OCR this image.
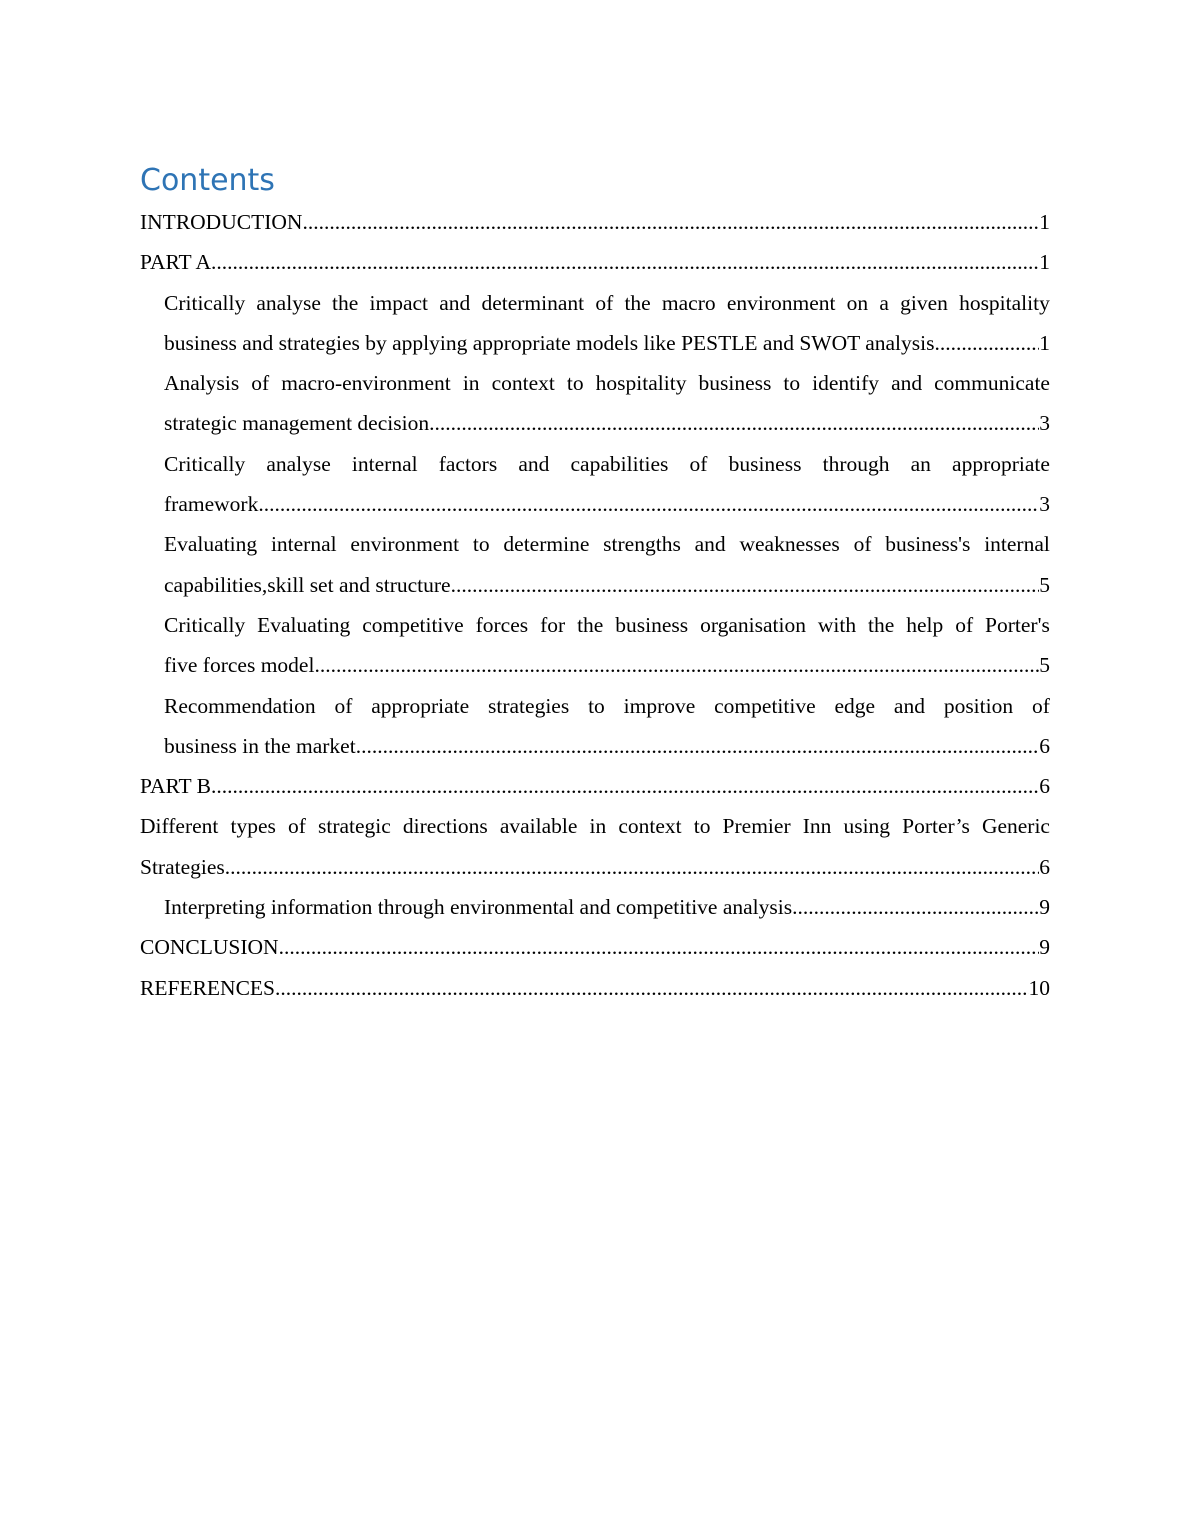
Contents
INTRODUCTION .....	1
PART A .....	1
Critically analyse the impact and determinant of the macro environment on a given hospitality
business and strategies by applying appropriate models like PESTLE and SWOT analysis. .....	1
Analysis of macro-environment in context to hospitality business to identify and communicate
strategic management decision .....	3
Critically analyse internal factors and capabilities of business through an appropriate
framework .....	3
Evaluating internal environment to determine strengths and weaknesses of business's internal
capabilities,skill set and structure .....	5
Critically Evaluating competitive forces for the business organisation with the help of Porter's
five forces model .....	5
Recommendation of appropriate strategies to improve competitive edge and position of
business in the market .....	6
PART B .....	6
Different types of strategic directions available in context to Premier Inn using Porter’s Generic
Strategies .....	6
Interpreting information through environmental and competitive analysis .....	9
CONCLUSION .....	9
REFERENCES .....	10
